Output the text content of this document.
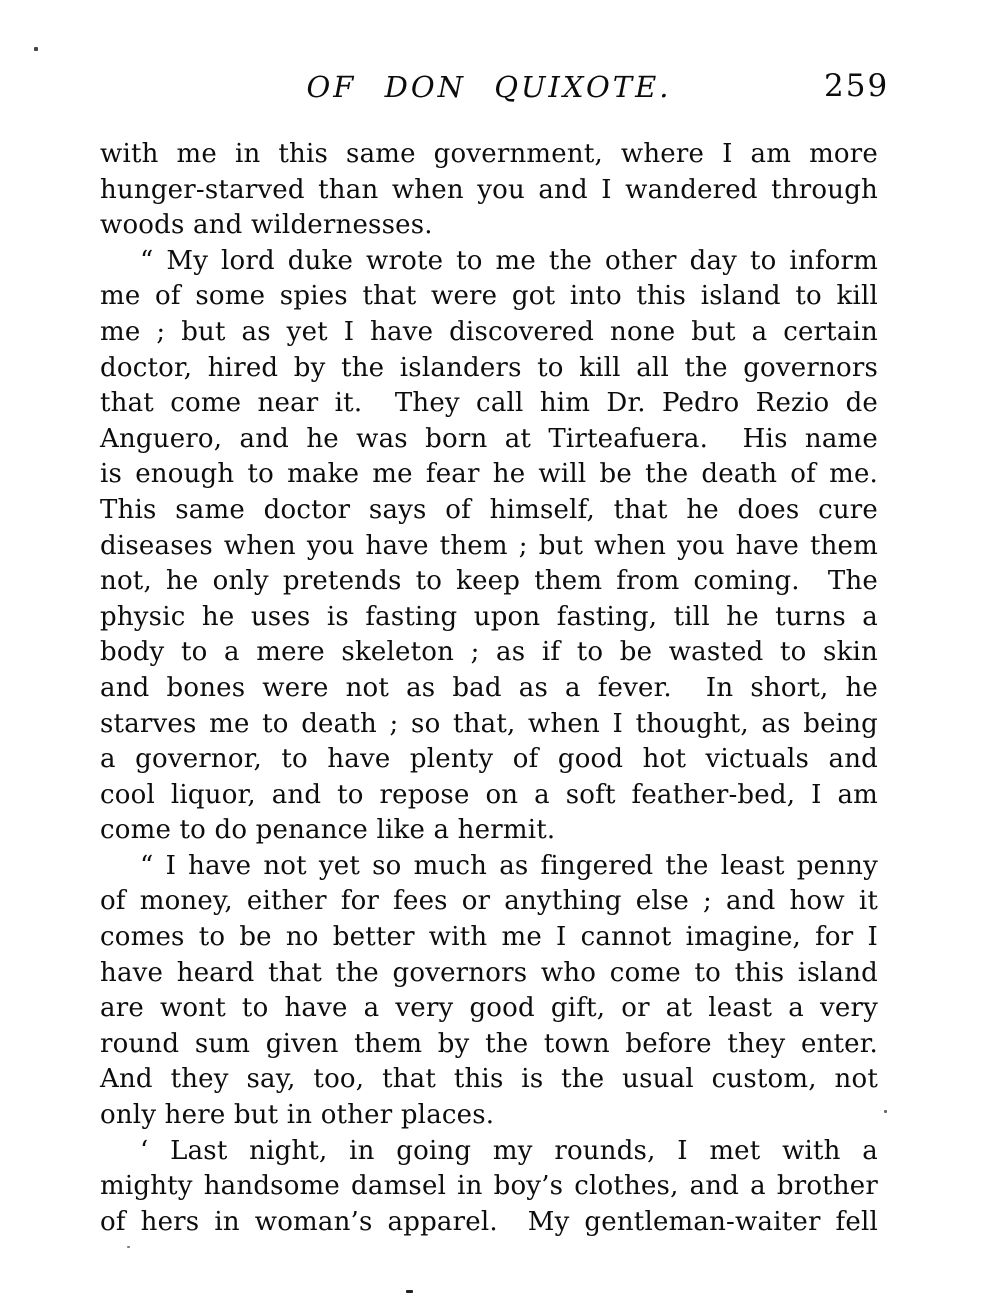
OF DON QUIXOTE.	259
with me in this same government, where I am more
hunger-starved than when you and I wandered through
woods and wildernesses.
“ My lord duke wrote to me the other day to inform
me of some spies that were got into this island to kill
me ; but as yet I have discovered none but a certain
doctor, hired by the islanders to kill all the governors
that come near it.  They call him Dr. Pedro Rezio de
Anguero, and he was born at Tirteafuera.  His name
is enough to make me fear he will be the death of me.
This same doctor says of himself, that he does cure
diseases when you have them ; but when you have them
not, he only pretends to keep them from coming.  The
physic he uses is fasting upon fasting, till he turns a
body to a mere skeleton ; as if to be wasted to skin
and bones were not as bad as a fever.  In short, he
starves me to death ; so that, when I thought, as being
a governor, to have plenty of good hot victuals and
cool liquor, and to repose on a soft feather-bed, I am
come to do penance like a hermit.
“ I have not yet so much as fingered the least penny
of money, either for fees or anything else ; and how it
comes to be no better with me I cannot imagine, for I
have heard that the governors who come to this island
are wont to have a very good gift, or at least a very
round sum given them by the town before they enter.
And they say, too, that this is the usual custom, not
only here but in other places.
‘ Last night, in going my rounds, I met with a
mighty handsome damsel in boy’s clothes, and a brother
of hers in woman’s apparel.  My gentleman-waiter fell
